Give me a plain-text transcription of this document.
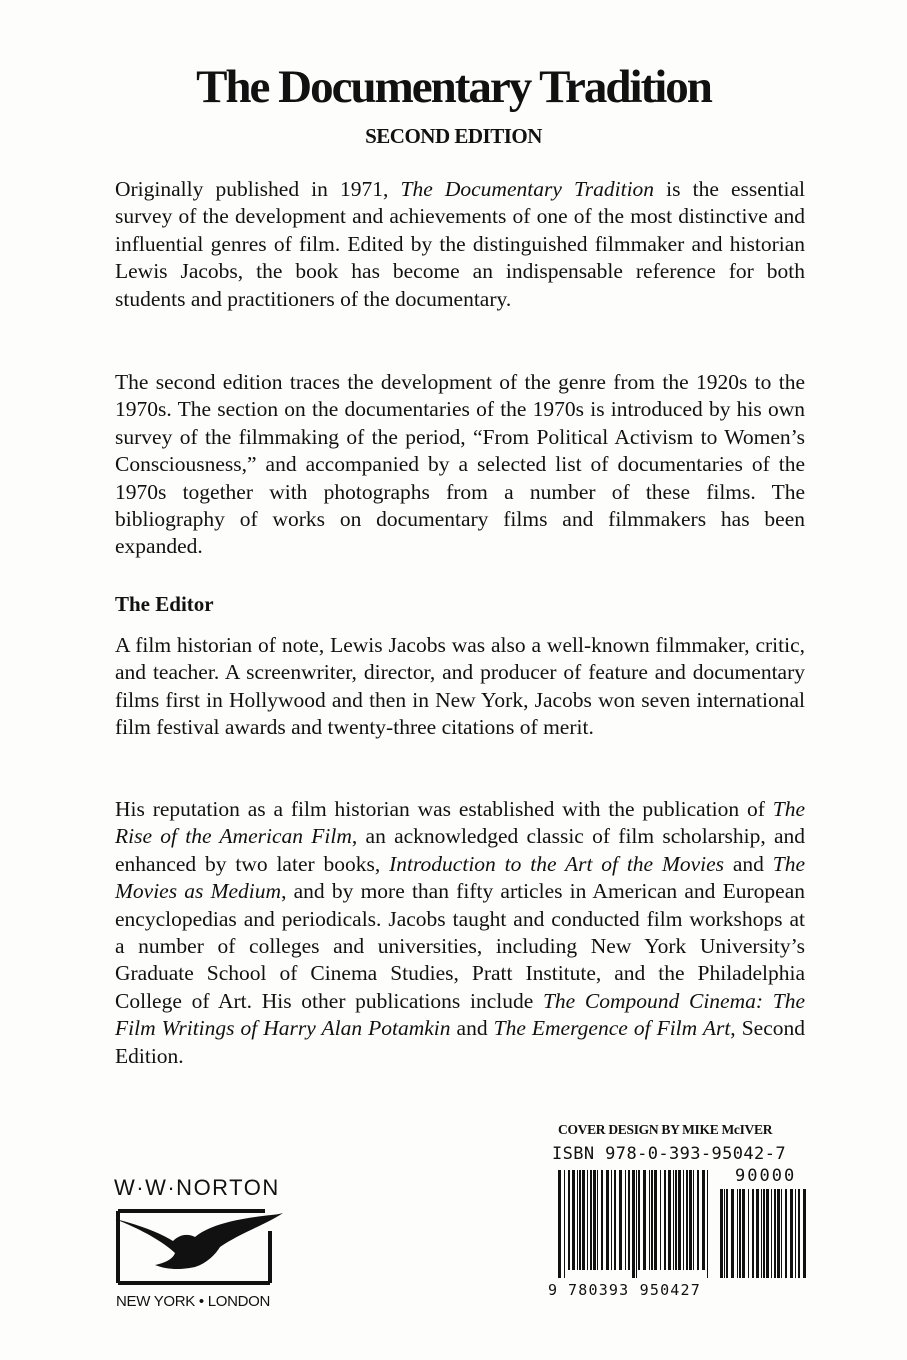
The Documentary Tradition
SECOND EDITION

Originally published in 1971, The Documentary Tradition is the essential survey of the development and achievements of one of the most distinctive and influential genres of film. Edited by the distinguished filmmaker and historian Lewis Jacobs, the book has become an indispensable reference for both students and practitioners of the documentary.

The second edition traces the development of the genre from the 1920s to the 1970s. The section on the documentaries of the 1970s is introduced by his own survey of the filmmaking of the period, “From Political Activism to Women’s Consciousness,” and accompanied by a selected list of documentaries of the 1970s together with photographs from a number of these films. The bibliography of works on documentary films and filmmakers has been expanded.

The Editor

A film historian of note, Lewis Jacobs was also a well-known filmmaker, critic, and teacher. A screenwriter, director, and producer of feature and documentary films first in Hollywood and then in New York, Jacobs won seven international film festival awards and twenty-three citations of merit.

His reputation as a film historian was established with the publication of The Rise of the American Film, an acknowledged classic of film scholarship, and enhanced by two later books, Introduction to the Art of the Movies and The Movies as Medium, and by more than fifty articles in American and European encyclopedias and periodicals. Jacobs taught and conducted film workshops at a number of colleges and universities, including New York University’s Graduate School of Cinema Studies, Pratt Institute, and the Philadelphia College of Art. His other publications include The Compound Cinema: The Film Writings of Harry Alan Potamkin and The Emergence of Film Art, Second Edition.

COVER DESIGN BY MIKE McIVER
ISBN 978-0-393-95042-7
90000
9 780393 950427
W·W·NORTON
NEW YORK • LONDON
